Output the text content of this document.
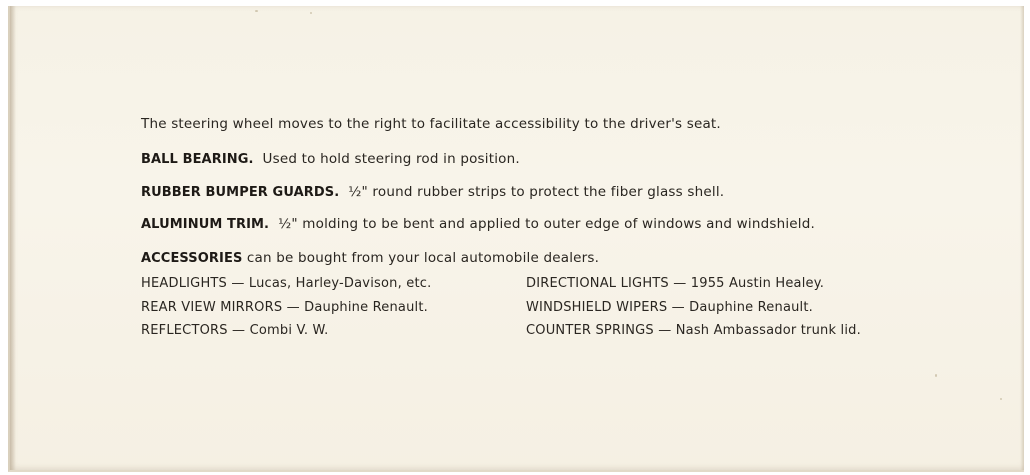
The steering wheel moves to the right to facilitate accessibility to the driver's seat.
BALL BEARING. Used to hold steering rod in position.
RUBBER BUMPER GUARDS. ½" round rubber strips to protect the fiber glass shell.
ALUMINUM TRIM. ½" molding to be bent and applied to outer edge of windows and windshield.
ACCESSORIES can be bought from your local automobile dealers.
HEADLIGHTS — Lucas, Harley-Davison, etc.
REAR VIEW MIRRORS — Dauphine Renault.
REFLECTORS — Combi V. W.
DIRECTIONAL LIGHTS — 1955 Austin Healey.
WINDSHIELD WIPERS — Dauphine Renault.
COUNTER SPRINGS — Nash Ambassador trunk lid.
